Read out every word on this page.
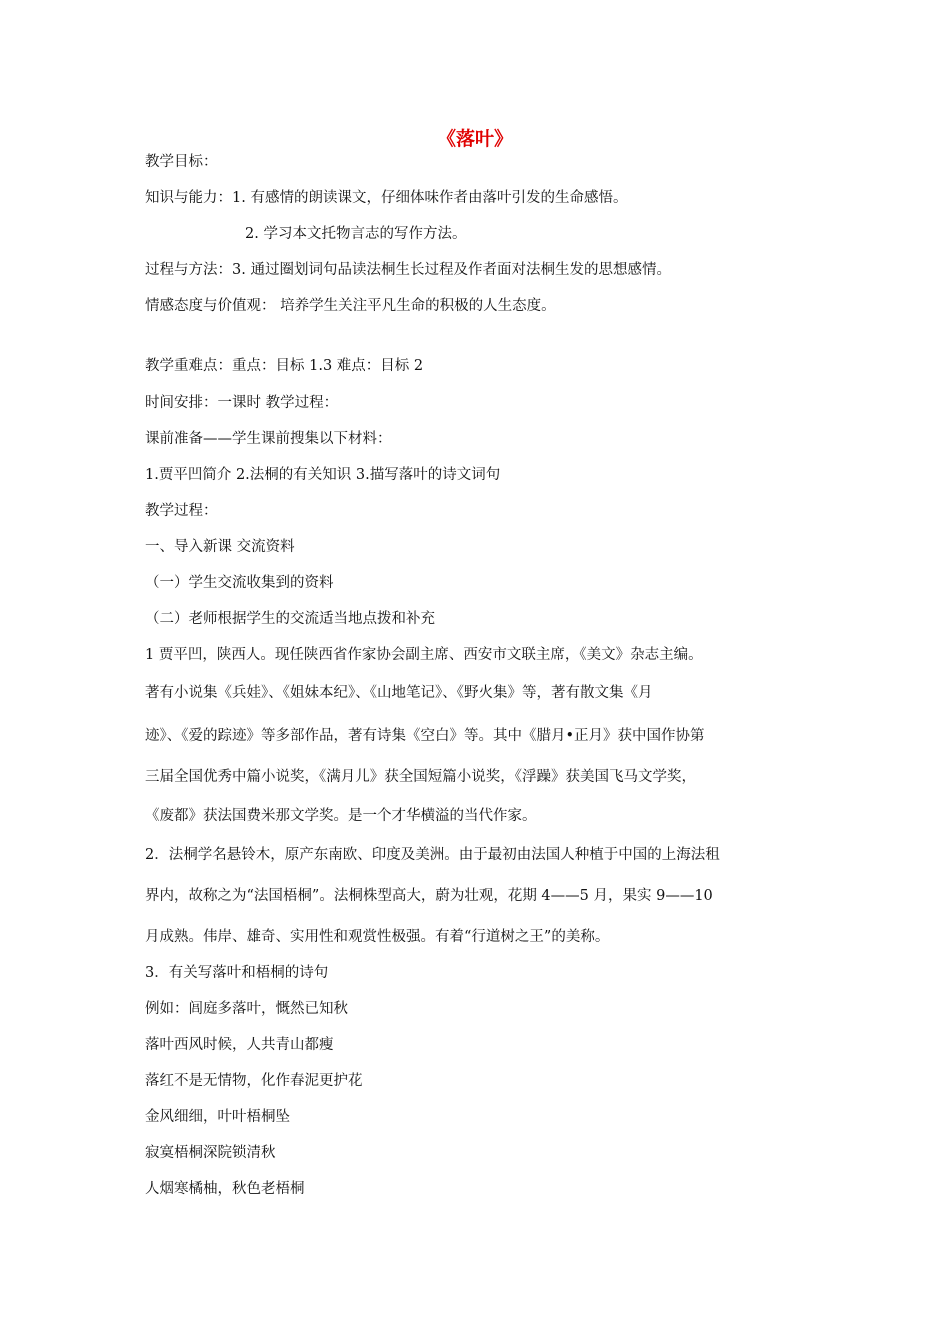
《落叶》
教学目标：
知识与能力：1. 有感情的朗读课文，仔细体味作者由落叶引发的生命感悟。
2. 学习本文托物言志的写作方法。
过程与方法：3. 通过圈划词句品读法桐生长过程及作者面对法桐生发的思想感情。
情感态度与价值观： 培养学生关注平凡生命的积极的人生态度。
教学重难点：重点：目标 1.3 难点：目标 2
时间安排：一课时 教学过程：
课前准备——学生课前搜集以下材料：
1.贾平凹简介 2.法桐的有关知识 3.描写落叶的诗文词句
教学过程：
一、导入新课 交流资料
（一）学生交流收集到的资料
（二）老师根据学生的交流适当地点拨和补充
1 贾平凹，陕西人。现任陕西省作家协会副主席、西安市文联主席，《美文》杂志主编。
著有小说集《兵娃》、《姐妹本纪》、《山地笔记》、《野火集》等，著有散文集《月
迹》、《爱的踪迹》等多部作品，著有诗集《空白》等。其中《腊月•正月》获中国作协第
三届全国优秀中篇小说奖，《满月儿》获全国短篇小说奖，《浮躁》获美国飞马文学奖，
《废都》获法国费米那文学奖。是一个才华横溢的当代作家。
2．法桐学名悬铃木，原产东南欧、印度及美洲。由于最初由法国人种植于中国的上海法租
界内，故称之为“法国梧桐”。法桐株型高大，蔚为壮观，花期 4——5 月，果实 9——10
月成熟。伟岸、雄奇、实用性和观赏性极强。有着“行道树之王”的美称。
3．有关写落叶和梧桐的诗句
例如：闾庭多落叶，慨然已知秋
落叶西风时候，人共青山都瘦
落红不是无情物，化作春泥更护花
金风细细，叶叶梧桐坠
寂寞梧桐深院锁清秋
人烟寒橘柚，秋色老梧桐
